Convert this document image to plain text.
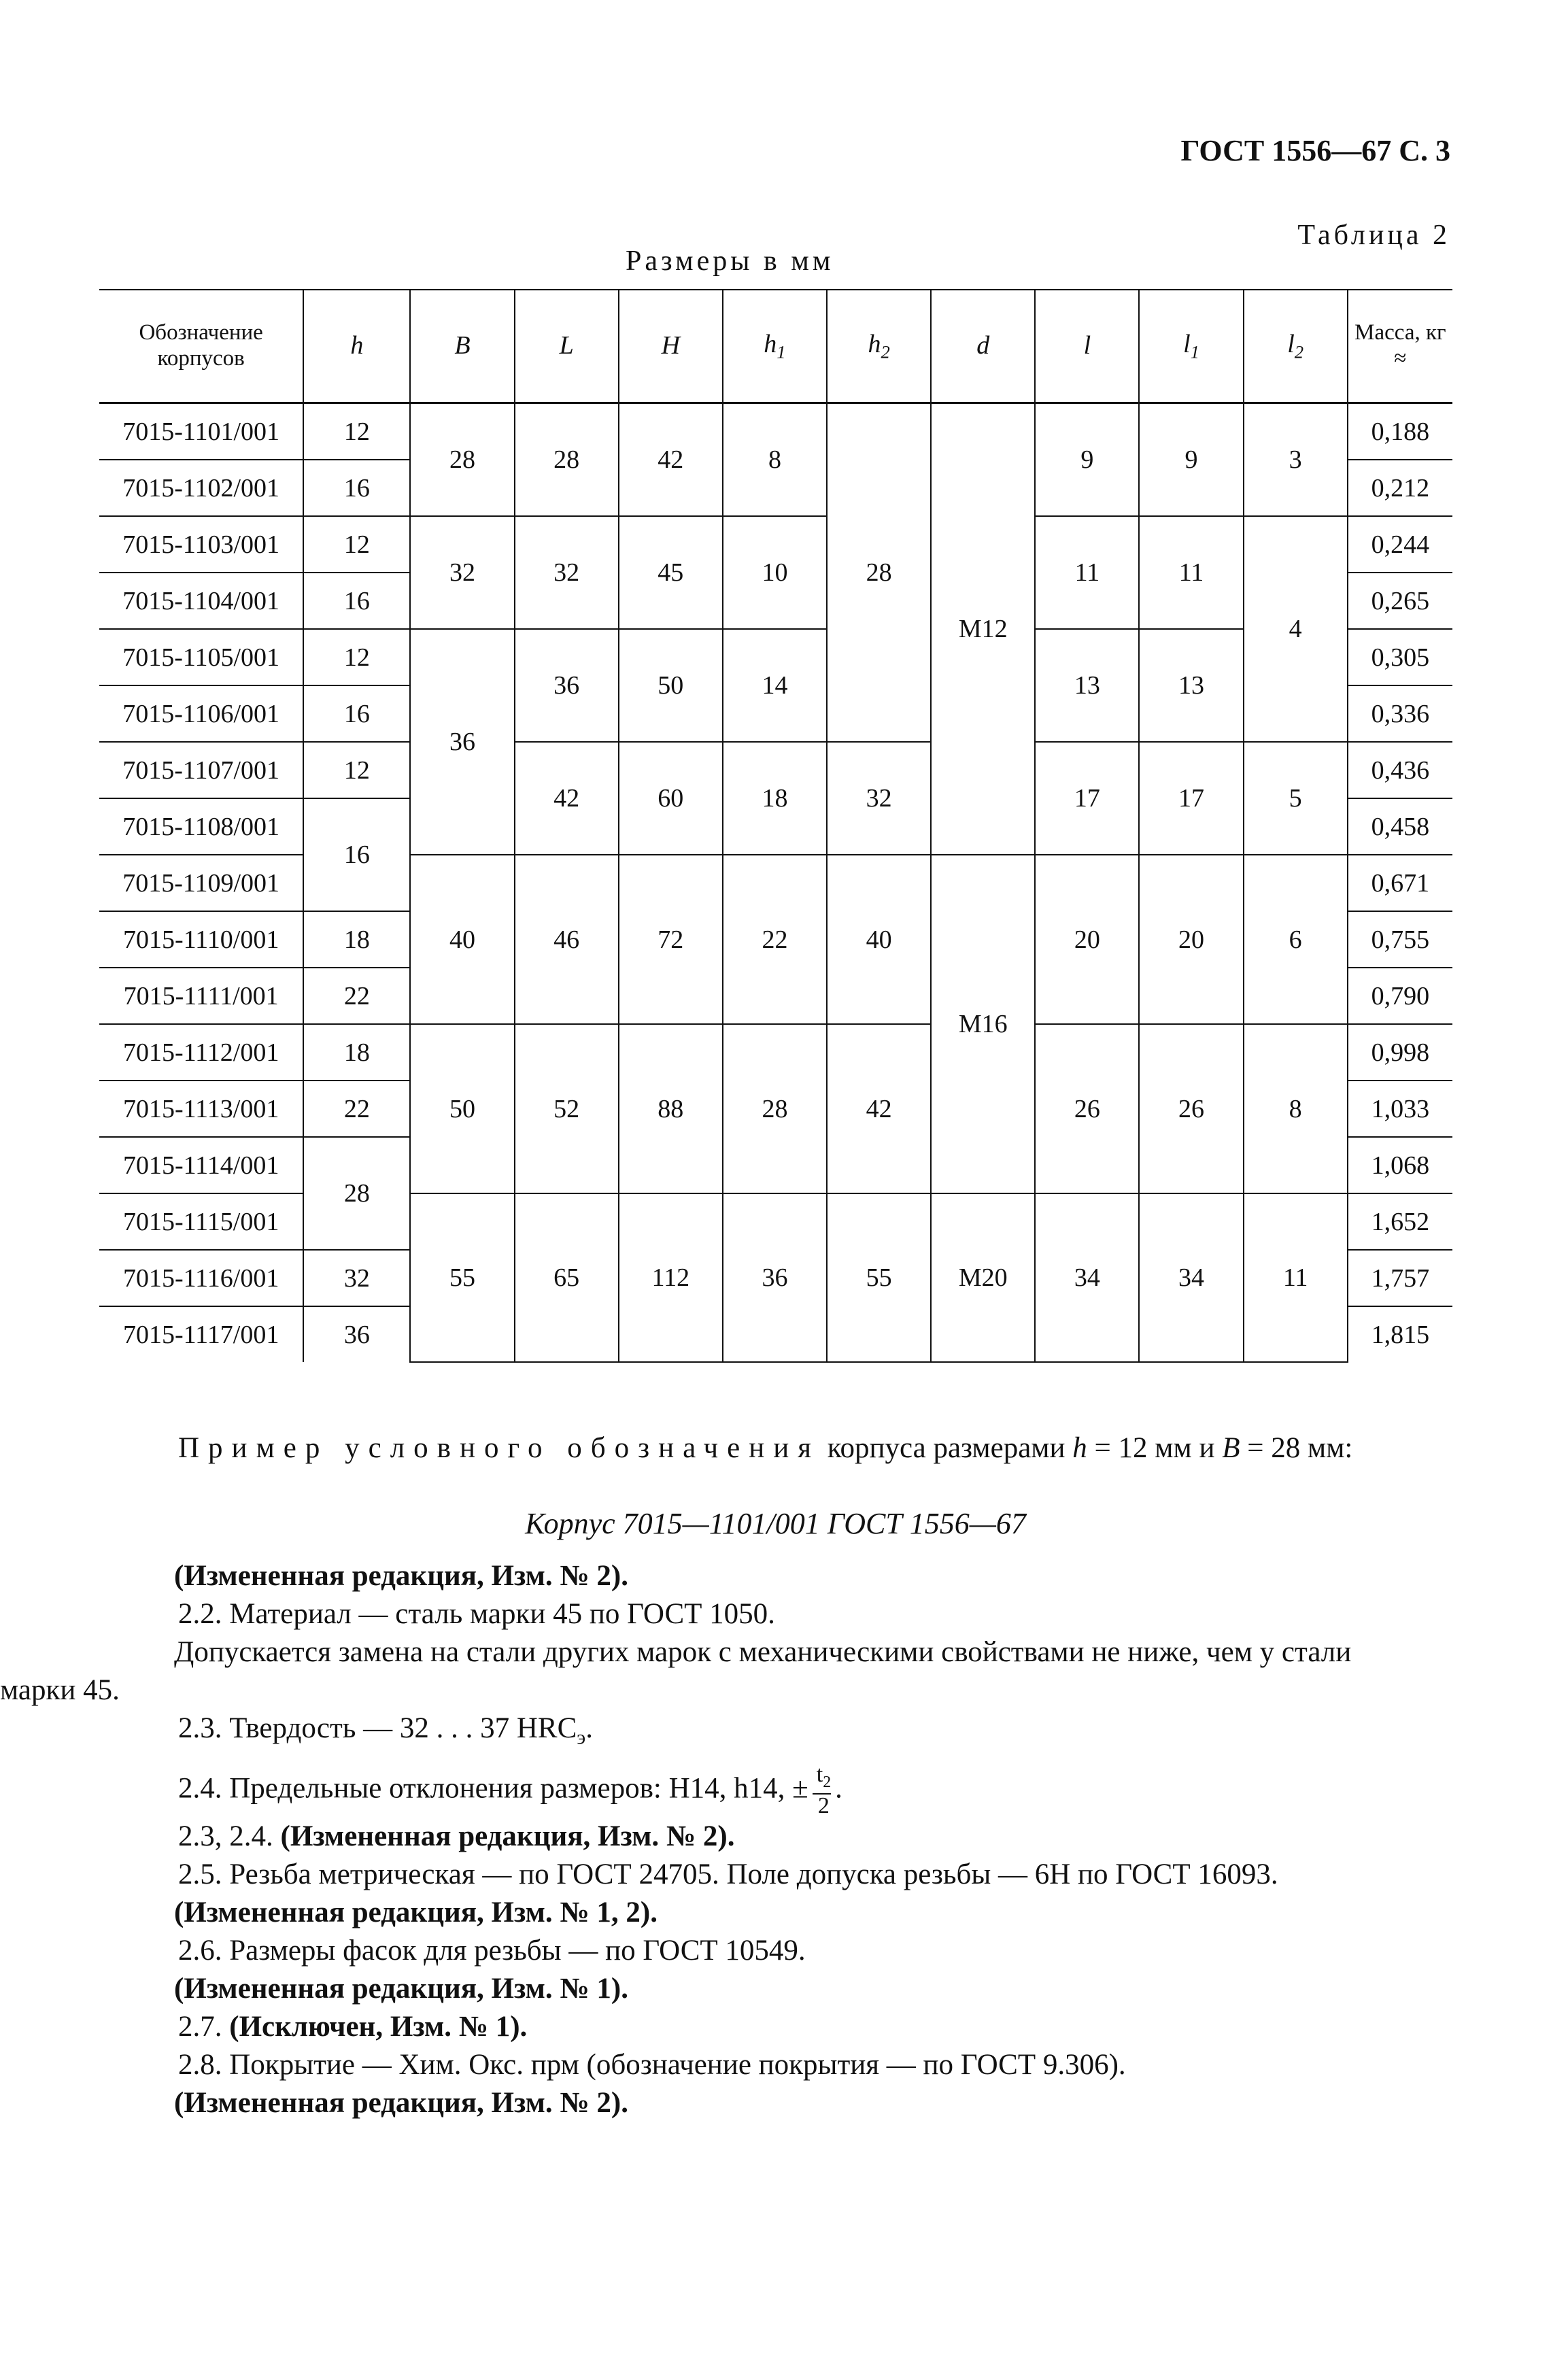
ГОСТ 1556—67 С. 3
Таблица 2
Размеры в мм
Обозначение корпусов	h	B	L	H	$h_1$	$h_2$	d	l	$l_1$	$l_2$	Масса, кг ≈
7015-1101/001	12	28	28	42	8	28	M12	9	9	3	0,188
7015-1102/001	16										0,212
7015-1103/001	12	32	32	45	10			11	11	4	0,244
7015-1104/001	16										0,265
7015-1105/001	12	36	36	50	14			13	13		0,305
7015-1106/001	16										0,336
7015-1107/001	12		42	60	18	32		17	17	5	0,436
7015-1108/001	16										0,458
7015-1109/001		40	46	72	22	40	M16	20	20	6	0,671
7015-1110/001	18										0,755
7015-1111/001	22										0,790
7015-1112/001	18	50	52	88	28	42		26	26	8	0,998
7015-1113/001	22										1,033
7015-1114/001	28										1,068
7015-1115/001		55	65	112	36	55	M20	34	34	11	1,652
7015-1116/001	32										1,757
7015-1117/001	36										1,815
Пример условного обозначения корпуса размерами h = 12 мм и B = 28 мм:
Корпус 7015—1101/001 ГОСТ 1556—67

(Измененная редакция, Изм. № 2).

2.2. Материал — сталь марки 45 по ГОСТ 1050.

Допускается замена на стали других марок с механическими свойствами не ниже, чем у стали

марки 45.

2.3. Твердость — 32 . . . 37 $HRC_э$.

2.4. Предельные отклонения размеров: H14, h14, ± $\frac{t_2}{2}$ .

2.3, 2.4. (Измененная редакция, Изм. № 2).

2.5. Резьба метрическая — по ГОСТ 24705. Поле допуска резьбы — 6H по ГОСТ 16093.

(Измененная редакция, Изм. № 1, 2).

2.6. Размеры фасок для резьбы — по ГОСТ 10549.

(Измененная редакция, Изм. № 1).

2.7. (Исключен, Изм. № 1).

2.8. Покрытие — Хим. Окс. прм (обозначение покрытия — по ГОСТ 9.306).

(Измененная редакция, Изм. № 2).
